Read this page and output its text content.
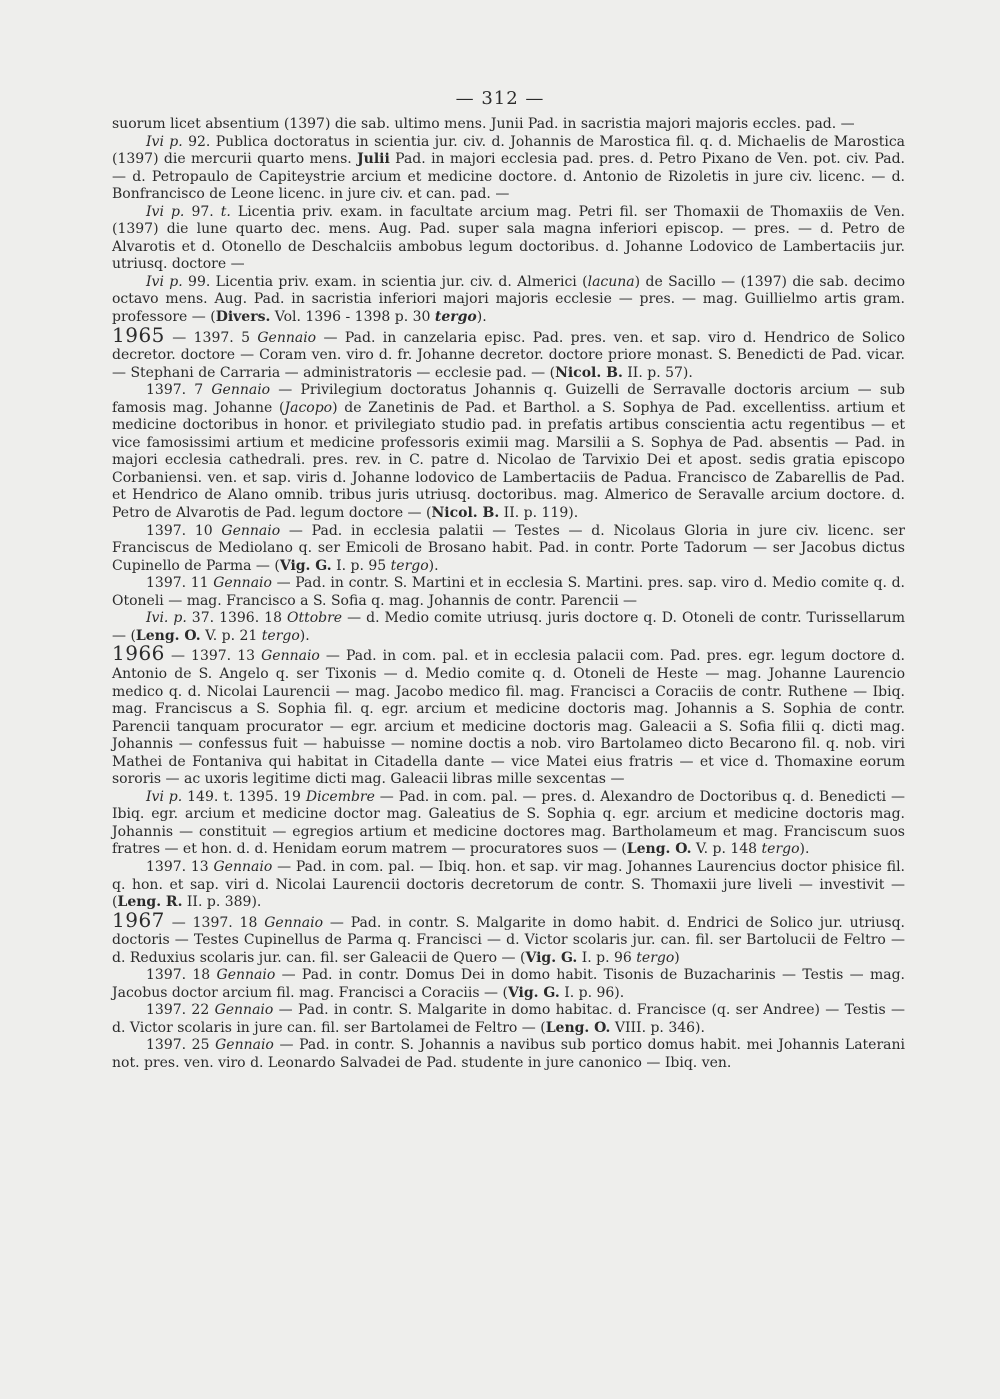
— 312 —

suorum licet absentium (1397) die sab. ultimo mens. Junii Pad. in sacristia majori majoris eccles. pad. —

Ivi p. 92. Publica doctoratus in scientia jur. civ. d. Johannis de Marostica fil. q. d. Michaelis de Marostica (1397) die mercurii quarto mens. Julii Pad. in majori ecclesia pad. pres. d. Petro Pixano de Ven. pot. civ. Pad. — d. Petropaulo de Capiteystrie arcium et medicine doctore. d. Antonio de Rizoletis in jure civ. licenc. — d. Bonfrancisco de Leone licenc. in jure civ. et can. pad. —

Ivi p. 97. t. Licentia priv. exam. in facultate arcium mag. Petri fil. ser Thomaxii de Thomaxiis de Ven. (1397) die lune quarto dec. mens. Aug. Pad. super sala magna inferiori episcop. — pres. — d. Petro de Alvarotis et d. Otonello de Deschalciis ambobus legum doctoribus. d. Johanne Lodovico de Lambertaciis jur. utriusq. doctore —

Ivi p. 99. Licentia priv. exam. in scientia jur. civ. d. Almerici (lacuna) de Sacillo — (1397) die sab. decimo octavo mens. Aug. Pad. in sacristia inferiori majori majoris ecclesie — pres. — mag. Guillielmo artis gram. professore — (Divers. Vol. 1396 - 1398 p. 30 tergo).

1965 — 1397. 5 Gennaio — Pad. in canzelaria episc. Pad. pres. ven. et sap. viro d. Hendrico de Solico decretor. doctore — Coram ven. viro d. fr. Johanne decretor. doctore priore monast. S. Benedicti de Pad. vicar. — Stephani de Carraria — administratoris — ecclesie pad. — (Nicol. B. II. p. 57).

1397. 7 Gennaio — Privilegium doctoratus Johannis q. Guizelli de Serravalle doctoris arcium — sub famosis mag. Johanne (Jacopo) de Zanetinis de Pad. et Barthol. a S. Sophya de Pad. excellentiss. artium et medicine doctoribus in honor. et privilegiato studio pad. in prefatis artibus conscientia actu regentibus — et vice famosissimi artium et medicine professoris eximii mag. Marsilii a S. Sophya de Pad. absentis — Pad. in majori ecclesia cathedrali. pres. rev. in C. patre d. Nicolao de Tarvixio Dei et apost. sedis gratia episcopo Corbaniensi. ven. et sap. viris d. Johanne lodovico de Lambertaciis de Padua. Francisco de Zabarellis de Pad. et Hendrico de Alano omnib. tribus juris utriusq. doctoribus. mag. Almerico de Seravalle arcium doctore. d. Petro de Alvarotis de Pad. legum doctore — (Nicol. B. II. p. 119).

1397. 10 Gennaio — Pad. in ecclesia palatii — Testes — d. Nicolaus Gloria in jure civ. licenc. ser Franciscus de Mediolano q. ser Emicoli de Brosano habit. Pad. in contr. Porte Tadorum — ser Jacobus dictus Cupinello de Parma — (Vig. G. I. p. 95 tergo).

1397. 11 Gennaio — Pad. in contr. S. Martini et in ecclesia S. Martini. pres. sap. viro d. Medio comite q. d. Otoneli — mag. Francisco a S. Sofia q. mag. Johannis de contr. Parencii —

Ivi. p. 37. 1396. 18 Ottobre — d. Medio comite utriusq. juris doctore q. D. Otoneli de contr. Turissellarum — (Leng. O. V. p. 21 tergo).

1966 — 1397. 13 Gennaio — Pad. in com. pal. et in ecclesia palacii com. Pad. pres. egr. legum doctore d. Antonio de S. Angelo q. ser Tixonis — d. Medio comite q. d. Otoneli de Heste — mag. Johanne Laurencio medico q. d. Nicolai Laurencii — mag. Jacobo medico fil. mag. Francisci a Coraciis de contr. Ruthene — Ibiq. mag. Franciscus a S. Sophia fil. q. egr. arcium et medicine doctoris mag. Johannis a S. Sophia de contr. Parencii tanquam procurator — egr. arcium et medicine doctoris mag. Galeacii a S. Sofia filii q. dicti mag. Johannis — confessus fuit — habuisse — nomine doctis a nob. viro Bartolameo dicto Becarono fil. q. nob. viri Mathei de Fontaniva qui habitat in Citadella dante — vice Matei eius fratris — et vice d. Thomaxine eorum sororis — ac uxoris legitime dicti mag. Galeacii libras mille sexcentas —

Ivi p. 149. t. 1395. 19 Dicembre — Pad. in com. pal. — pres. d. Alexandro de Doctoribus q. d. Benedicti — Ibiq. egr. arcium et medicine doctor mag. Galeatius de S. Sophia q. egr. arcium et medicine doctoris mag. Johannis — constituit — egregios artium et medicine doctores mag. Bartholameum et mag. Franciscum suos fratres — et hon. d. d. Henidam eorum matrem — procuratores suos — (Leng. O. V. p. 148 tergo).

1397. 13 Gennaio — Pad. in com. pal. — Ibiq. hon. et sap. vir mag. Johannes Laurencius doctor phisice fil. q. hon. et sap. viri d. Nicolai Laurencii doctoris decretorum de contr. S. Thomaxii jure liveli — investivit — (Leng. R. II. p. 389).

1967 — 1397. 18 Gennaio — Pad. in contr. S. Malgarite in domo habit. d. Endrici de Solico jur. utriusq. doctoris — Testes Cupinellus de Parma q. Francisci — d. Victor scolaris jur. can. fil. ser Bartolucii de Feltro — d. Reduxius scolaris jur. can. fil. ser Galeacii de Quero — (Vig. G. I. p. 96 tergo)

1397. 18 Gennaio — Pad. in contr. Domus Dei in domo habit. Tisonis de Buzacharinis — Testis — mag. Jacobus doctor arcium fil. mag. Francisci a Coraciis — (Vig. G. I. p. 96).

1397. 22 Gennaio — Pad. in contr. S. Malgarite in domo habitac. d. Francisce (q. ser Andree) — Testis — d. Victor scolaris in jure can. fil. ser Bartolamei de Feltro — (Leng. O. VIII. p. 346).

1397. 25 Gennaio — Pad. in contr. S. Johannis a navibus sub portico domus habit. mei Johannis Laterani not. pres. ven. viro d. Leonardo Salvadei de Pad. studente in jure canonico — Ibiq. ven.
